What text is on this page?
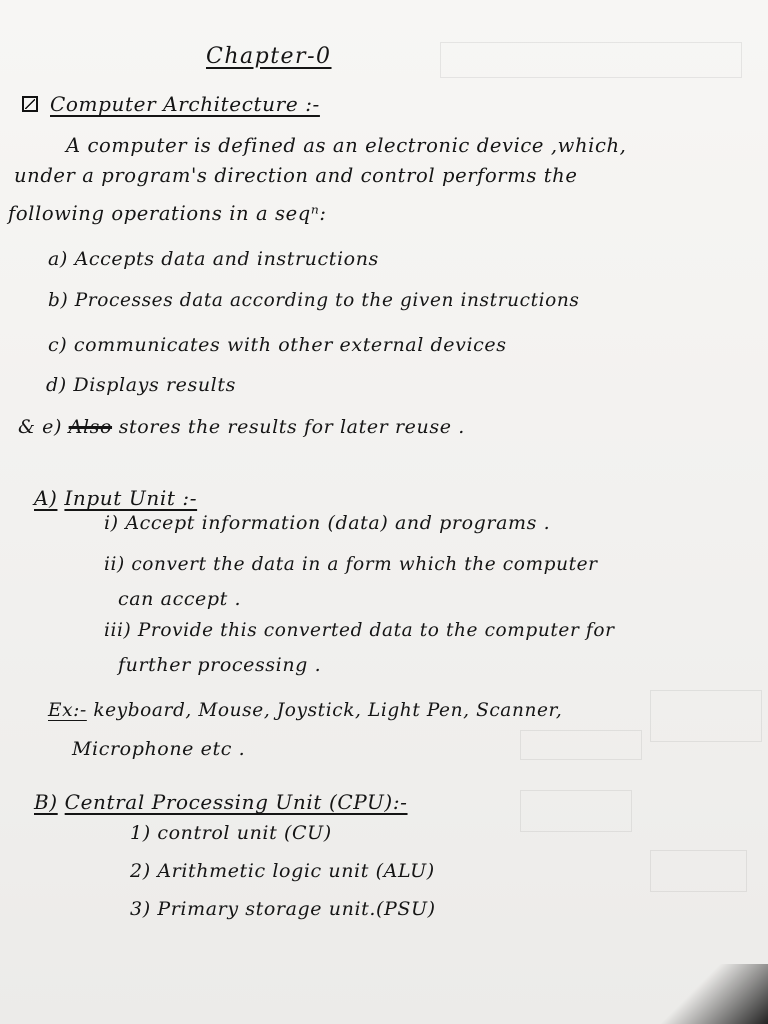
Chapter-0
Computer Architecture :-
A computer is defined as an electronic device ,which,
under a program's direction and control performs the
following operations in a seqⁿ:
a) Accepts data and instructions
b) Processes data according to the given instructions
c) communicates with other external devices
d) Displays results
& e) Also stores the results for later reuse .
A) Input Unit :-
i) Accept information (data) and programs .
ii) convert the data in a form which the computer
can accept .
iii) Provide this converted data to the computer for
further processing .
Ex:- keyboard, Mouse, Joystick, Light Pen, Scanner,
Microphone etc .
B) Central Processing Unit (CPU):-
1) control unit (CU)
2) Arithmetic logic unit (ALU)
3) Primary storage unit.(PSU)
